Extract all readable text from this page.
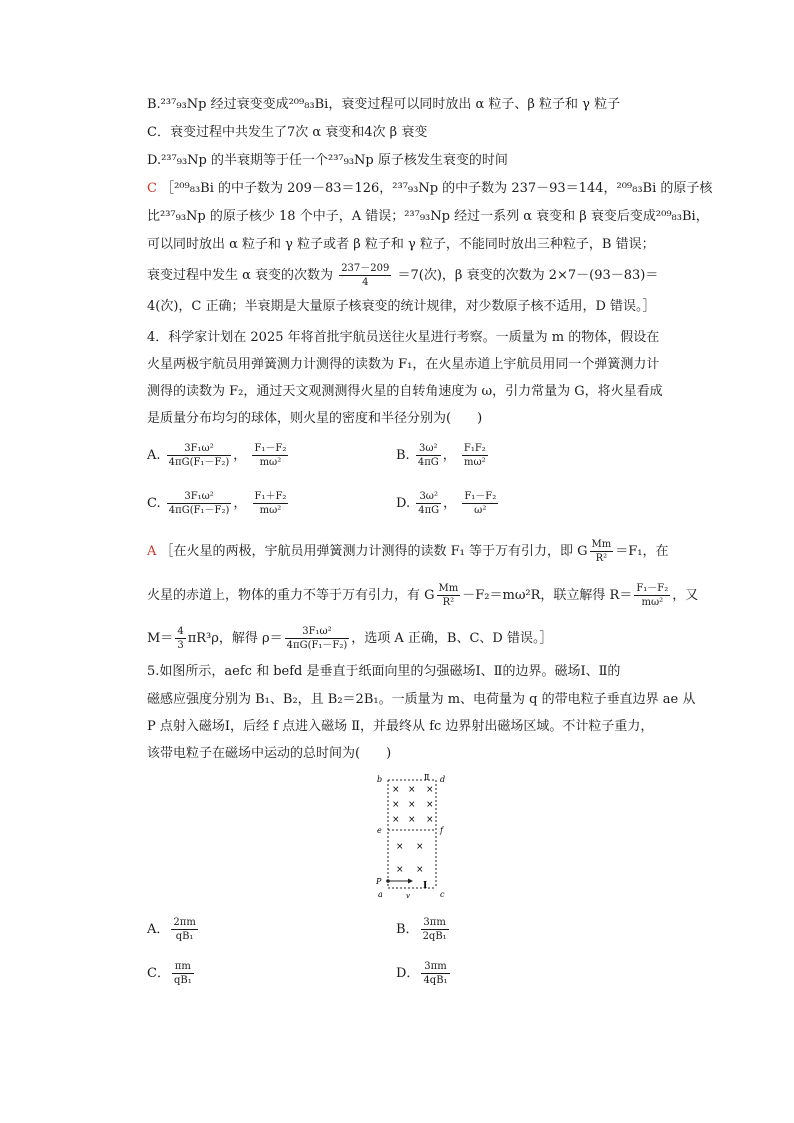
B.²³⁷₉₃Np 经过衰变变成²⁰⁹₈₃Bi，衰变过程可以同时放出 α 粒子、β 粒子和 γ 粒子
C．衰变过程中共发生了7次 α 衰变和4次 β 衰变
D.²³⁷₉₃Np 的半衰期等于任一个²³⁷₉₃Np 原子核发生衰变的时间
C ［²⁰⁹₈₃Bi 的中子数为 209－83＝126，²³⁷₉₃Np 的中子数为 237－93＝144，²⁰⁹₈₃Bi 的原子核
比²³⁷₉₃Np 的原子核少 18 个中子，A 错误；²³⁷₉₃Np 经过一系列 α 衰变和 β 衰变后变成²⁰⁹₈₃Bi，
可以同时放出 α 粒子和 γ 粒子或者 β 粒子和 γ 粒子，不能同时放出三种粒子，B 错误；
衰变过程中发生 α 衰变的次数为 $\frac{237-209}{4} =7$(次)，β 衰变的次数为 2×7－(93－83)＝
4(次)，C 正确；半衰期是大量原子核衰变的统计规律，对少数原子核不适用，D 错误。］
4．科学家计划在 2025 年将首批宇航员送往火星进行考察。一质量为 m 的物体，假设在
火星两极宇航员用弹簧测力计测得的读数为 F₁，在火星赤道上宇航员用同一个弹簧测力计
测得的读数为 F₂，通过天文观测测得火星的自转角速度为 ω，引力常量为 G，将火星看成
是质量分布均匀的球体，则火星的密度和半径分别为(　　)
A. $\frac{\text{3F₁ω²}}{\text{4πG(F₁－F₂)}}$ ， $\frac{\text{F₁－F₂}}{\text{mω²}}$	B. $\frac{\text{3ω²}}{4\pi G}$ ， $\frac{\text{F₁F₂}}{\text{mω²}}$
C. $\frac{\text{3F₁ω²}}{\text{4πG(F₁－F₂)}}$ ， $\frac{\text{F₁＋F₂}}{\text{mω²}}$	D. $\frac{\text{3ω²}}{4\pi G}$ ， $\frac{\text{F₁－F₂}}{\text{ω²}}$
A ［在火星的两极，宇航员用弹簧测力计测得的读数 F₁ 等于万有引力，即 G $\frac{Mm}{\text{R²}} =F_1$，在
火星的赤道上，物体的重力不等于万有引力，有 G $\frac{Mm}{\text{R²}} -F_2=m\omega^2R$，联立解得 $R= \frac{\text{F₁－F₂}}{\text{mω²}}$ ，又
$M= \frac{4}{3} \pi R^3\rho$，解得 $\rho= \frac{\text{3F₁ω²}}{\text{4πG(F₁－F₂)}}$ ，选项 A 正确，B、C、D 错误。］
5.如图所示，aefc 和 befd 是垂直于纸面向里的匀强磁场Ⅰ、Ⅱ的边界。磁场Ⅰ、Ⅱ的
磁感应强度分别为 B₁、B₂，且 B₂＝2B₁。一质量为 m、电荷量为 q 的带电粒子垂直边界 ae 从
P 点射入磁场Ⅰ，后经 f 点进入磁场 Ⅱ，并最终从 fc 边界射出磁场区域。不计粒子重力，
该带电粒子在磁场中运动的总时间为(　　)
b	d
Ⅱ
e	f
P
a	c
Ⅰ
v
× × ×
× × ×
× × ×
× ×
× ×
A． $\frac{2\pi m}{\text{qB₁}}$	B． $\frac{3\pi m}{\text{2qB₁}}$
C． $\frac{\pi m}{\text{qB₁}}$	D． $\frac{3\pi m}{\text{4qB₁}}$
